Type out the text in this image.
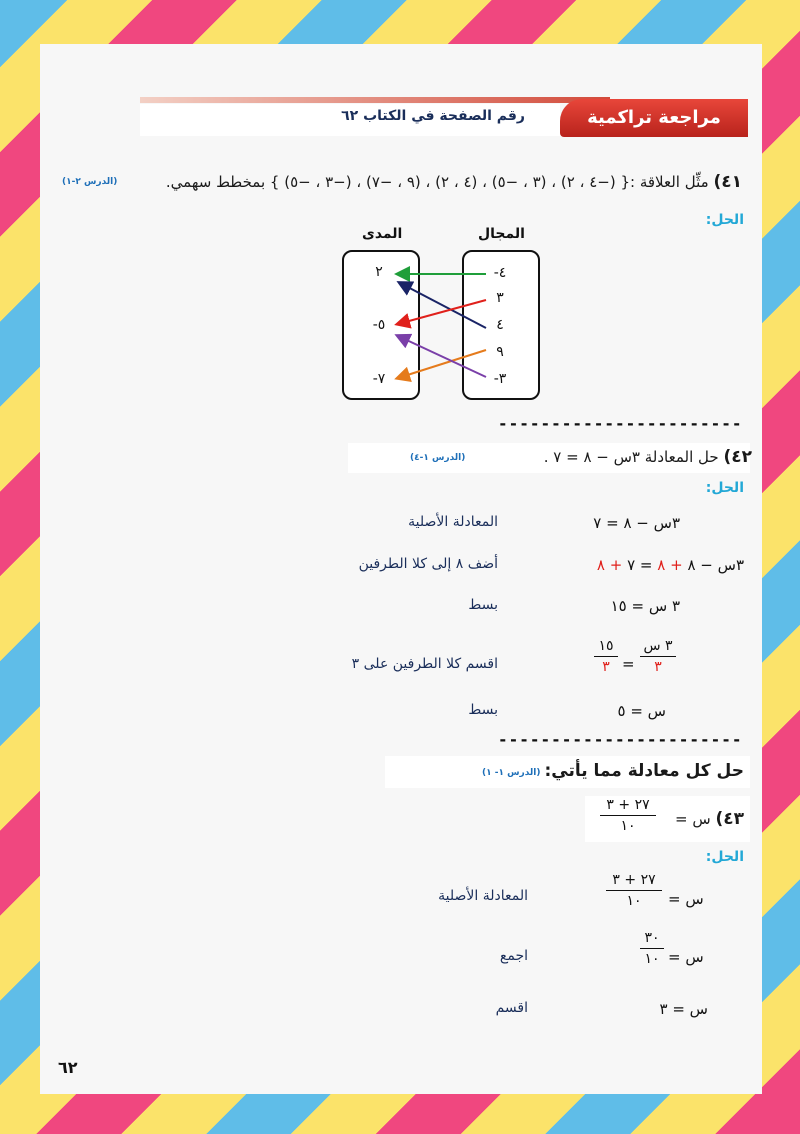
رقم الصفحة في الكتاب ٦٢	مراجعة تراكمية
٤١) مثِّل العلاقة :{ (−٤ ، ٢) ، (٣ ، −٥) ، (٤ ، ٢) ، (٩ ، −٧) ، (−٣ ، −٥) } بمخطط سهمي.
(الدرس ٢-١)
الحل:
المجال
المدى
-٤
٣
٤
٩
-٣
٢
-٥
-٧
-----------------------
٤٢) حل المعادلة ٣س − ٨ = ٧ .
(الدرس ١-٤)
الحل:
٣س − ٨ = ٧
المعادلة الأصلية
٣س − ٨ + ٨ = ٧ + ٨
أضف ٨ إلى كلا الطرفين
٣ س = ١٥
بسط
٣ س
٣
=
١٥
٣
اقسم كلا الطرفين على ٣
س = ٥
بسط
-----------------------
حل كل معادلة مما يأتي:
(الدرس ١- ١)
٤٣) س =
٢٧ + ٣
١٠
الحل:
س =
٢٧ + ٣
١٠
المعادلة الأصلية
س =
٣٠
١٠
اجمع
س = ٣
اقسم
٦٢
